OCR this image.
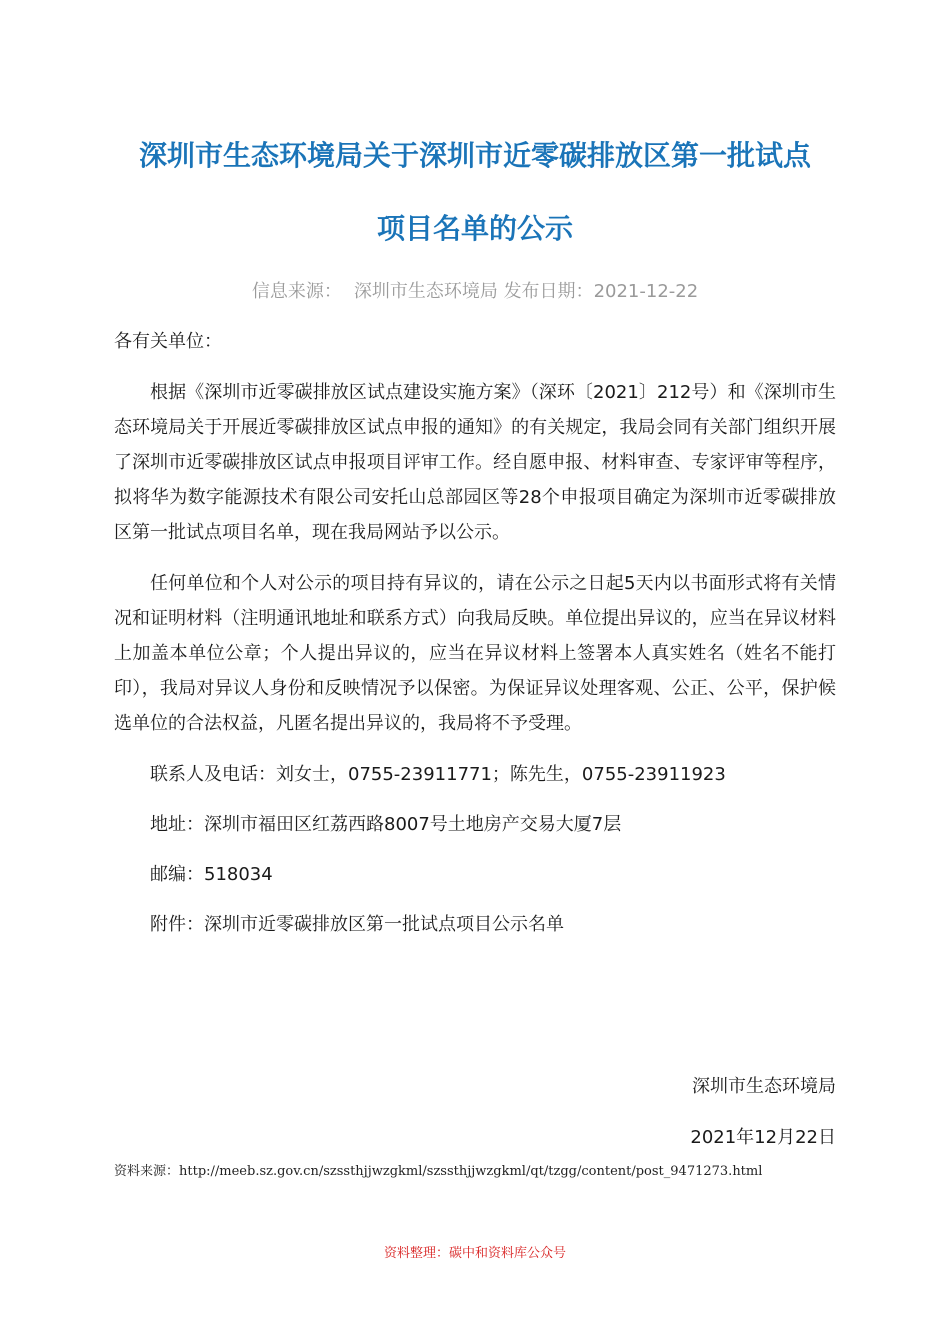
深圳市生态环境局关于深圳市近零碳排放区第一批试点
项目名单的公示
信息来源： 深圳市生态环境局 发布日期：2021-12-22

各有关单位：

根据《深圳市近零碳排放区试点建设实施方案》（深环〔2021〕212号）和《深圳市生态环境局关于开展近零碳排放区试点申报的通知》的有关规定，我局会同有关部门组织开展了深圳市近零碳排放区试点申报项目评审工作。经自愿申报、材料审查、专家评审等程序，拟将华为数字能源技术有限公司安托山总部园区等28个申报项目确定为深圳市近零碳排放区第一批试点项目名单，现在我局网站予以公示。

任何单位和个人对公示的项目持有异议的，请在公示之日起5天内以书面形式将有关情况和证明材料（注明通讯地址和联系方式）向我局反映。单位提出异议的，应当在异议材料上加盖本单位公章；个人提出异议的，应当在异议材料上签署本人真实姓名（姓名不能打印），我局对异议人身份和反映情况予以保密。为保证异议处理客观、公正、公平，保护候选单位的合法权益，凡匿名提出异议的，我局将不予受理。

联系人及电话：刘女士，0755-23911771；陈先生，0755-23911923

地址：深圳市福田区红荔西路8007号土地房产交易大厦7层

邮编：518034

附件：深圳市近零碳排放区第一批试点项目公示名单

深圳市生态环境局
2021年12月22日
资料来源：http://meeb.sz.gov.cn/szssthjjwzgkml/szssthjjwzgkml/qt/tzgg/content/post_9471273.html
资料整理：碳中和资料库公众号
